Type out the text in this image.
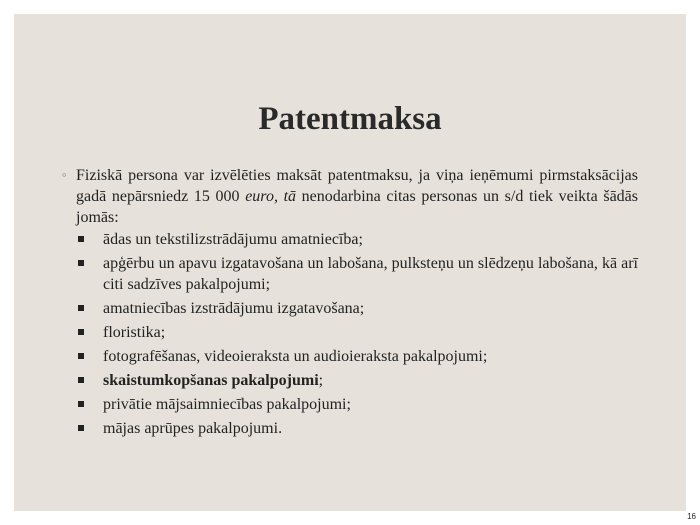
Patentmaksa
◦ Fiziskā persona var izvēlēties maksāt patentmaksu, ja viņa ieņēmumi pirmstaksācijas gadā nepārsniedz 15 000 euro, tā nenodarbina citas personas un s/d tiek veikta šādās jomās:
ādas un tekstilizstrādājumu amatniecība;
apģērbu un apavu izgatavošana un labošana, pulksteņu un slēdzeņu labošana, kā arī citi sadzīves pakalpojumi;
amatniecības izstrādājumu izgatavošana;
floristika;
fotografēšanas, videoieraksta un audioieraksta pakalpojumi;
skaistumkopšanas pakalpojumi;
privātie mājsaimniecības pakalpojumi;
mājas aprūpes pakalpojumi.
16
